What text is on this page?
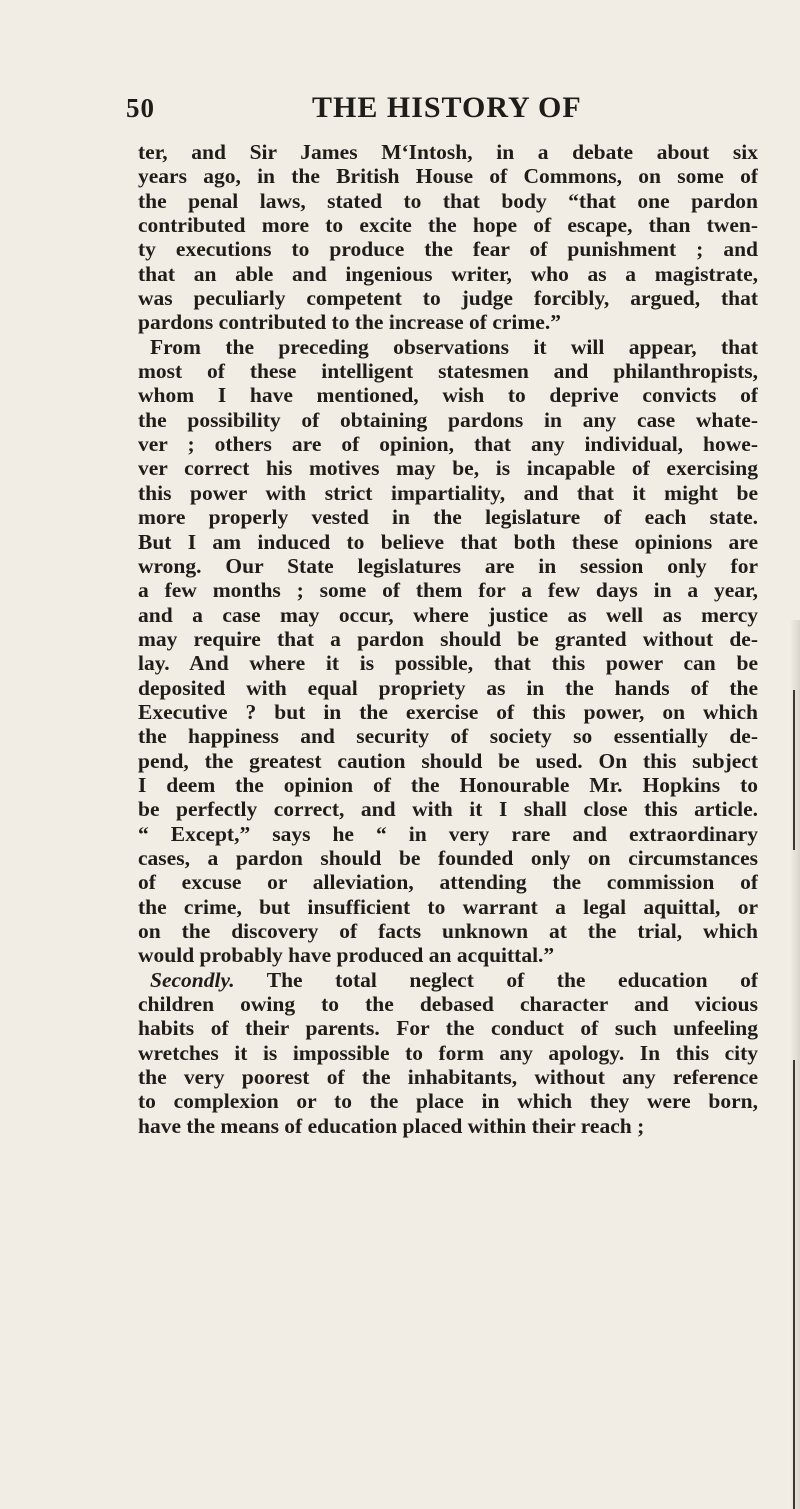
50	THE HISTORY OF
ter, and Sir James M‘Intosh, in a debate about six
years ago, in the British House of Commons, on some of
the penal laws, stated to that body “that one pardon
contributed more to excite the hope of escape, than twen-
ty executions to produce the fear of punishment ; and
that an able and ingenious writer, who as a magistrate,
was peculiarly competent to judge forcibly, argued, that
pardons contributed to the increase of crime.”
From the preceding observations it will appear, that
most of these intelligent statesmen and philanthropists,
whom I have mentioned, wish to deprive convicts of
the possibility of obtaining pardons in any case whate-
ver ; others are of opinion, that any individual, howe-
ver correct his motives may be, is incapable of exercising
this power with strict impartiality, and that it might be
more properly vested in the legislature of each state.
But I am induced to believe that both these opinions are
wrong. Our State legislatures are in session only for
a few months ; some of them for a few days in a year,
and a case may occur, where justice as well as mercy
may require that a pardon should be granted without de-
lay. And where it is possible, that this power can be
deposited with equal propriety as in the hands of the
Executive ? but in the exercise of this power, on which
the happiness and security of society so essentially de-
pend, the greatest caution should be used. On this subject
I deem the opinion of the Honourable Mr. Hopkins to
be perfectly correct, and with it I shall close this article.
“ Except,” says he “ in very rare and extraordinary
cases, a pardon should be founded only on circumstances
of excuse or alleviation, attending the commission of
the crime, but insufficient to warrant a legal aquittal, or
on the discovery of facts unknown at the trial, which
would probably have produced an acquittal.”
Secondly. The total neglect of the education of
children owing to the debased character and vicious
habits of their parents. For the conduct of such unfeeling
wretches it is impossible to form any apology. In this city
the very poorest of the inhabitants, without any reference
to complexion or to the place in which they were born,
have the means of education placed within their reach ;
